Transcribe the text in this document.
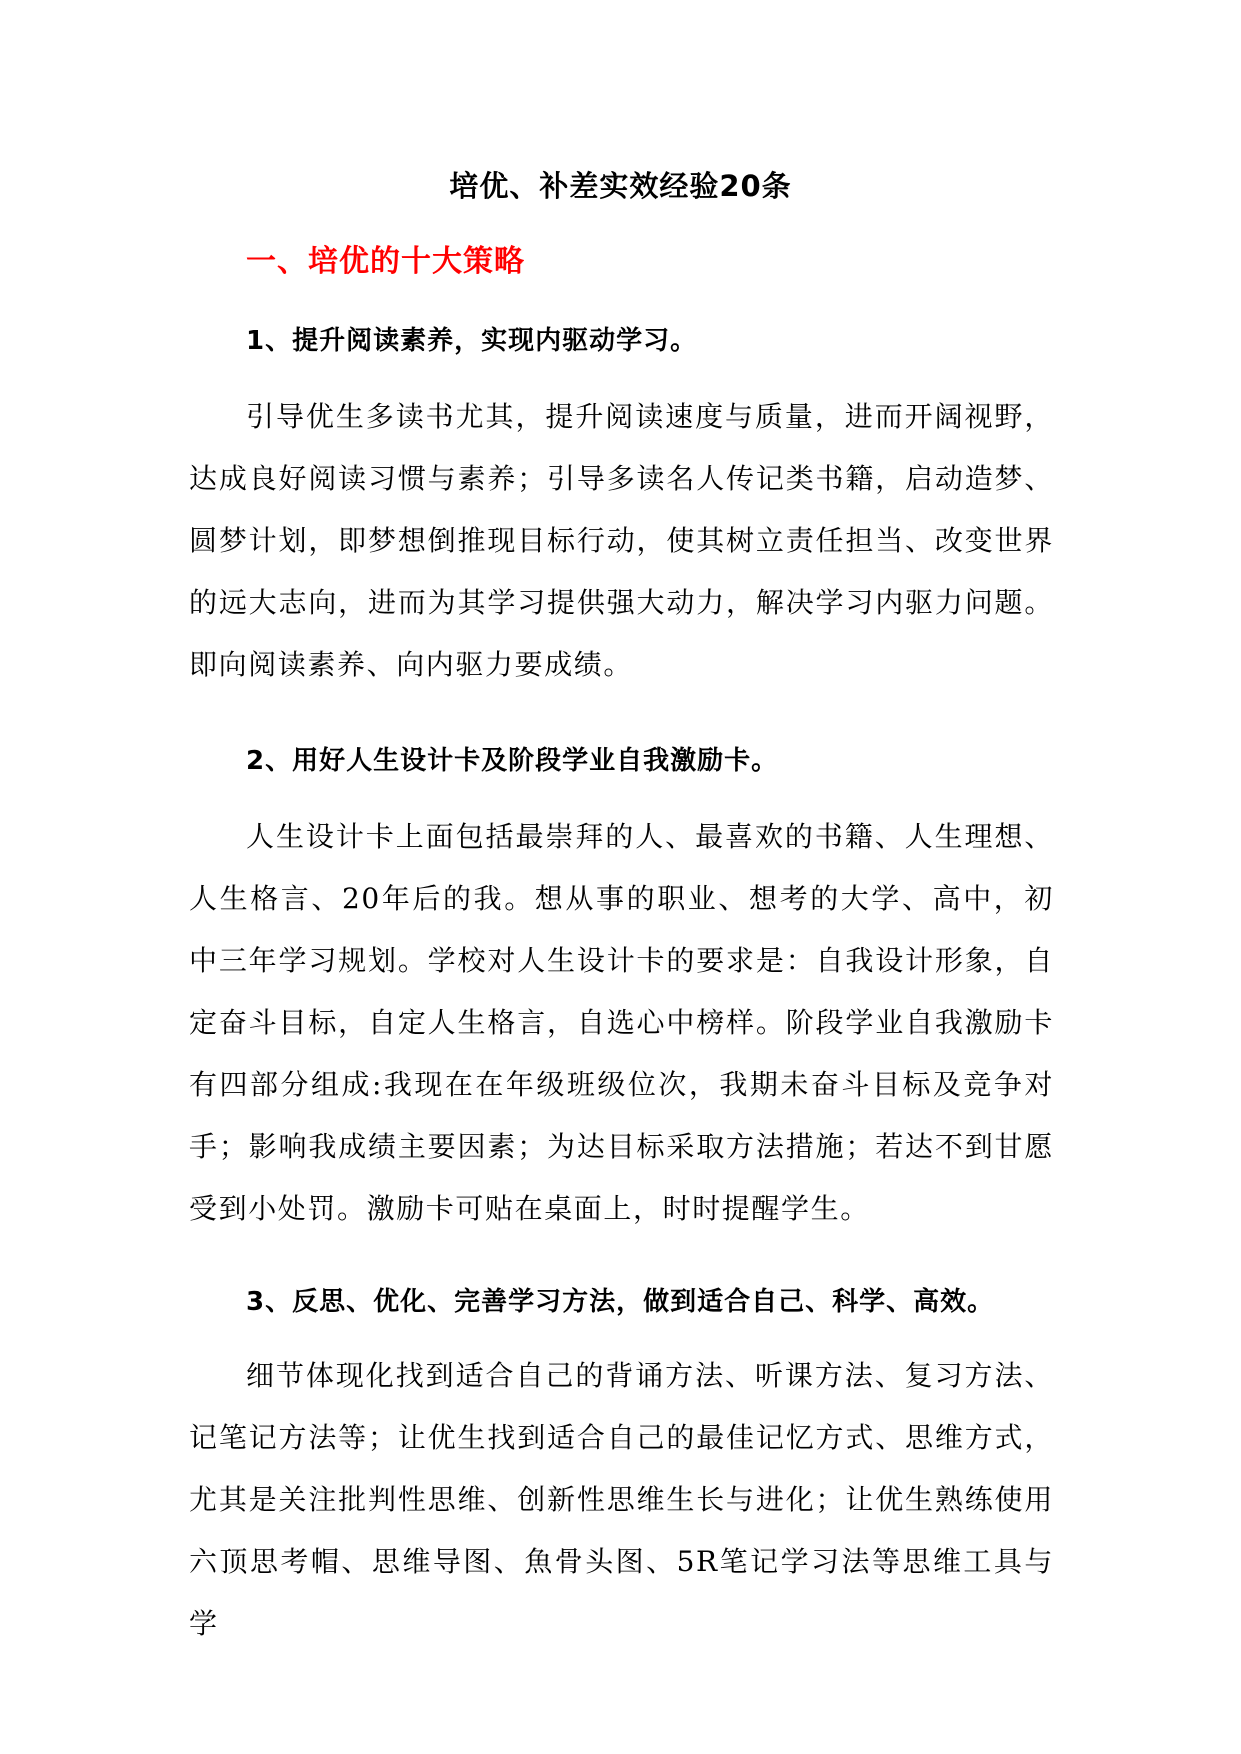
培优、补差实效经验20条
一、培优的十大策略
1、提升阅读素养，实现内驱动学习。

引导优生多读书尤其，提升阅读速度与质量，进而开阔视野，达成良好阅读习惯与素养；引导多读名人传记类书籍，启动造梦、圆梦计划，即梦想倒推现目标行动，使其树立责任担当、改变世界的远大志向，进而为其学习提供强大动力，解决学习内驱力问题。即向阅读素养、向内驱力要成绩。

2、用好人生设计卡及阶段学业自我激励卡。

人生设计卡上面包括最崇拜的人、最喜欢的书籍、人生理想、人生格言、20年后的我。想从事的职业、想考的大学、高中，初中三年学习规划。学校对人生设计卡的要求是：自我设计形象，自定奋斗目标，自定人生格言，自选心中榜样。阶段学业自我激励卡有四部分组成:我现在在年级班级位次，我期未奋斗目标及竞争对手；影响我成绩主要因素；为达目标采取方法措施；若达不到甘愿受到小处罚。激励卡可贴在桌面上，时时提醒学生。

3、反思、优化、完善学习方法，做到适合自己、科学、高效。

细节体现化找到适合自己的背诵方法、听课方法、复习方法、记笔记方法等；让优生找到适合自己的最佳记忆方式、思维方式，尤其是关注批判性思维、创新性思维生长与进化；让优生熟练使用六顶思考帽、思维导图、魚骨头图、5R笔记学习法等思维工具与学
